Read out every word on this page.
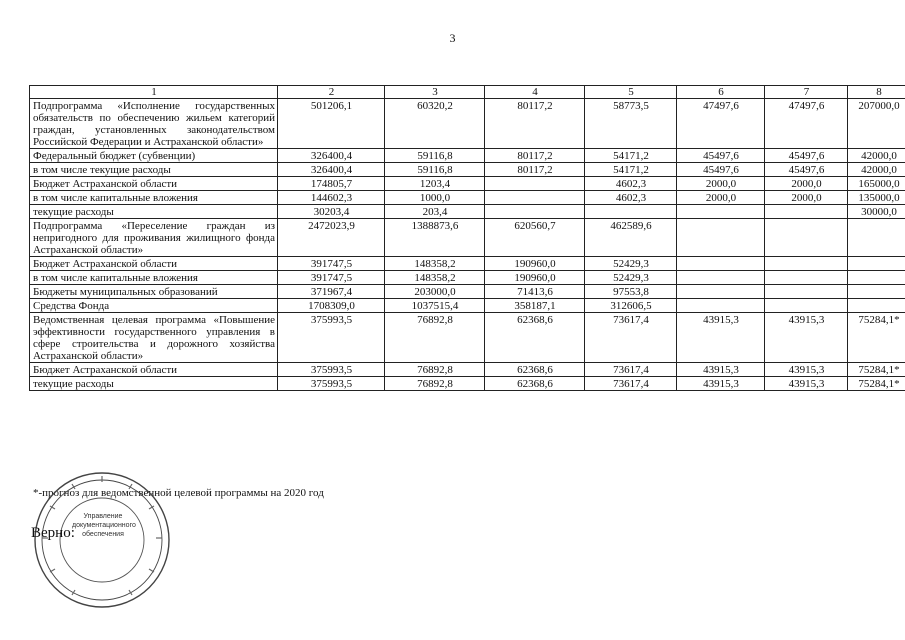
3
1	2	3	4	5	6	7	8
Подпрограмма «Исполнение государственных обязательств по обеспечению жильем категорий граждан, установленных законодательством Российской Федерации и Астраханской области»	501206,1	60320,2	80117,2	58773,5	47497,6	47497,6	207000,0
Федеральный бюджет (субвенции)	326400,4	59116,8	80117,2	54171,2	45497,6	45497,6	42000,0
в том числе текущие расходы	326400,4	59116,8	80117,2	54171,2	45497,6	45497,6	42000,0
Бюджет Астраханской области	174805,7	1203,4		4602,3	2000,0	2000,0	165000,0
в том числе капитальные вложения	144602,3	1000,0		4602,3	2000,0	2000,0	135000,0
текущие расходы	30203,4	203,4					30000,0
Подпрограмма «Переселение граждан из непригодного для проживания жилищного фонда Астраханской области»	2472023,9	1388873,6	620560,7	462589,6			
Бюджет Астраханской области	391747,5	148358,2	190960,0	52429,3			
в том числе капитальные вложения	391747,5	148358,2	190960,0	52429,3			
Бюджеты муниципальных образований	371967,4	203000,0	71413,6	97553,8			
Средства Фонда	1708309,0	1037515,4	358187,1	312606,5			
Ведомственная целевая программа «Повышение эффективности государственного управления в сфере строительства и дорожного хозяйства Астраханской области»	375993,5	76892,8	62368,6	73617,4	43915,3	43915,3	75284,1*
Бюджет Астраханской области	375993,5	76892,8	62368,6	73617,4	43915,3	43915,3	75284,1*
текущие расходы	375993,5	76892,8	62368,6	73617,4	43915,3	43915,3	75284,1*
*-прогноз для ведомственной целевой программы на 2020 год
Управление
документационного
обеспечения
Верно:
